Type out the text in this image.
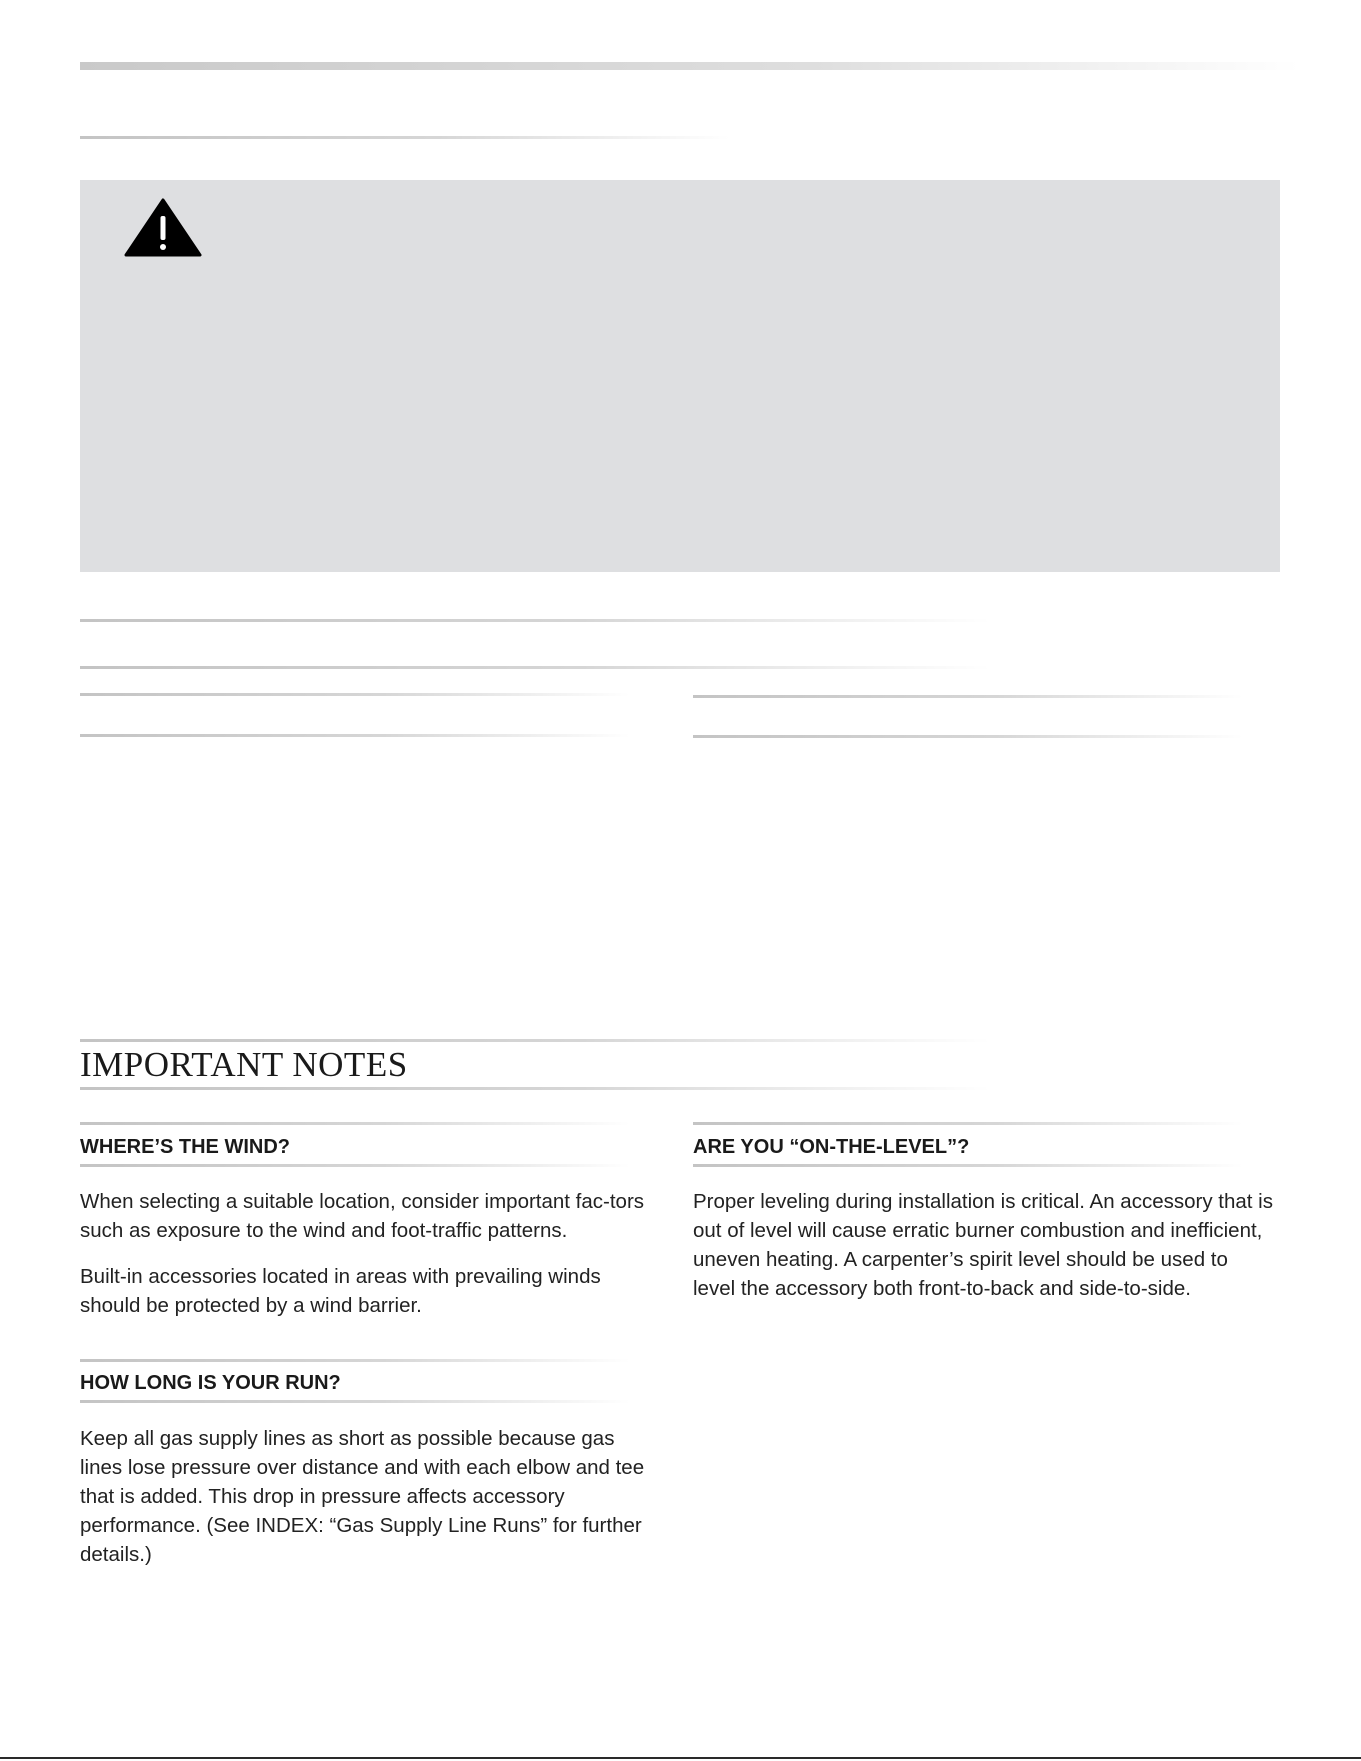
IMPORTANT NOTES
WHERE’S THE WIND?

When selecting a suitable location, consider important fac-tors such as exposure to the wind and foot-traffic patterns.

Built-in accessories located in areas with prevailing winds should be protected by a wind barrier.

HOW LONG IS YOUR RUN?

Keep all gas supply lines as short as possible because gas lines lose pressure over distance and with each elbow and tee that is added. This drop in pressure affects accessory performance. (See INDEX: “Gas Supply Line Runs” for further details.)

ARE YOU “ON-THE-LEVEL”?

Proper leveling during installation is critical. An accessory that is out of level will cause erratic burner combustion and inefficient, uneven heating. A carpenter’s spirit level should be used to level the accessory both front-to-back and side-to-side.
